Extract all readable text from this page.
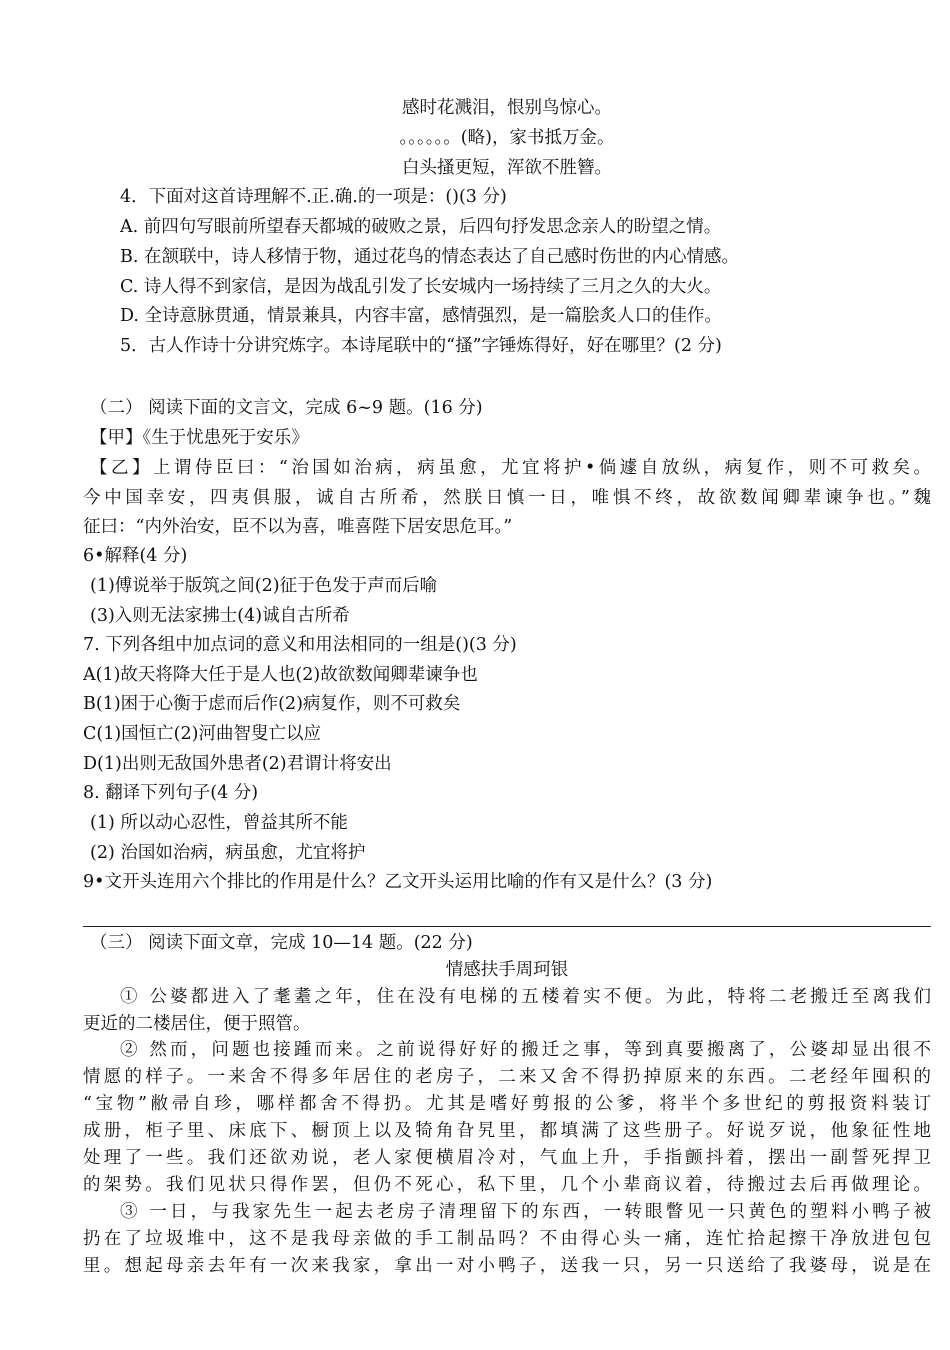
感时花溅泪，恨别鸟惊心。
。。。。。。(略)，家书抵万金。
白头搔更短，浑欲不胜簪。
4．下面对这首诗理解不.正.确.的一项是：()(3 分)
A. 前四句写眼前所望春天都城的破败之景，后四句抒发思念亲人的盼望之情。
B. 在颔联中，诗人移情于物，通过花鸟的情态表达了自己感时伤世的内心情感。
C. 诗人得不到家信，是因为战乱引发了长安城内一场持续了三月之久的大火。
D. 全诗意脉贯通，情景兼具，内容丰富，感情强烈，是一篇脍炙人口的佳作。
5．古人作诗十分讲究炼字。本诗尾联中的“搔”字锤炼得好，好在哪里？(2 分)
（二） 阅读下面的文言文，完成 6~9 题。(16 分)
【甲】《生于忧患死于安乐》
【乙】上谓侍臣曰：“治国如治病，病虽愈，尤宜将护•倘遽自放纵，病复作，则不可救矣。
今中国幸安，四夷俱服，诚自古所希，然朕日慎一日，唯惧不终，故欲数闻卿辈谏争也。”魏
征曰：“内外治安，臣不以为喜，唯喜陛下居安思危耳。”
6•解释(4 分)
(1)傅说举于版筑之间(2)征于色发于声而后喻
(3)入则无法家拂士(4)诚自古所希
7. 下列各组中加点词的意义和用法相同的一组是()(3 分)
A(1)故天将降大任于是人也(2)故欲数闻卿辈谏争也
B(1)困于心衡于虑而后作(2)病复作，则不可救矣
C(1)国恒亡(2)河曲智叟亡以应
D(1)出则无敌国外患者(2)君谓计将安出
8. 翻译下列句子(4 分)
(1) 所以动心忍性，曾益其所不能
(2) 治国如治病，病虽愈，尤宜将护
9•文开头连用六个排比的作用是什么？乙文开头运用比喻的作有又是什么？(3 分)
（三） 阅读下面文章，完成 10—14 题。(22 分)
情感扶手周珂银
① 公婆都进入了耄耋之年，住在没有电梯的五楼着实不便。为此，特将二老搬迁至离我们
更近的二楼居住，便于照管。
② 然而，问题也接踵而来。之前说得好好的搬迁之事，等到真要搬离了，公婆却显出很不
情愿的样子。一来舍不得多年居住的老房子，二来又舍不得扔掉原来的东西。二老经年囤积的
“宝物”敝帚自珍，哪样都舍不得扔。尤其是嗜好剪报的公爹，将半个多世纪的剪报资料装订
成册，柜子里、床底下、橱顶上以及犄角旮旯里，都填满了这些册子。好说歹说，他象征性地
处理了一些。我们还欲劝说，老人家便横眉冷对，气血上升，手指颤抖着，摆出一副誓死捍卫
的架势。我们见状只得作罢，但仍不死心，私下里，几个小辈商议着，待搬过去后再做理论。
③ 一日，与我家先生一起去老房子清理留下的东西，一转眼瞥见一只黄色的塑料小鸭子被
扔在了垃圾堆中，这不是我母亲做的手工制品吗？不由得心头一痛，连忙拾起擦干净放进包包
里。想起母亲去年有一次来我家，拿出一对小鸭子，送我一只，另一只送给了我婆母，说是在
